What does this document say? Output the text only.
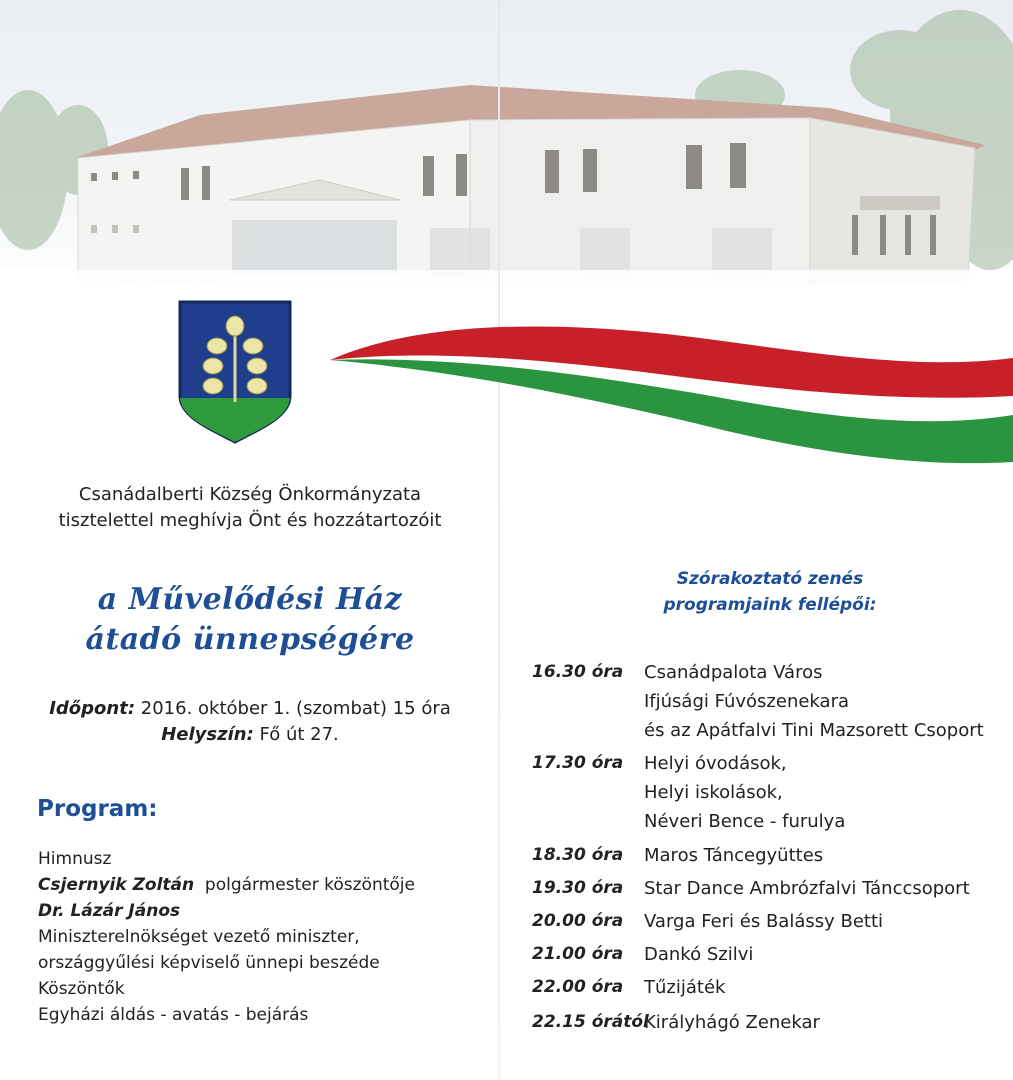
Csanádalberti Község Önkormányzata
tisztelettel meghívja Önt és hozzátartozóit
a Művelődési Ház
átadó ünnepségére
Időpont: 2016. október 1. (szombat) 15 óra
Helyszín: Fő út 27.
Program:
Himnusz
Csjernyik Zoltán polgármester köszöntője
Dr. Lázár János
Miniszterelnökséget vezető miniszter,
országgyűlési képviselő ünnepi beszéde
Köszöntők
Egyházi áldás - avatás - bejárás
Szórakoztató zenés
programjaink fellépői:
16.30 óra Csanádpalota Város
Ifjúsági Fúvószenekara
és az Apátfalvi Tini Mazsorett Csoport
17.30 óra Helyi óvodások,
Helyi iskolások,
Néveri Bence - furulya
18.30 óra Maros Táncegyüttes
19.30 óra Star Dance Ambrózfalvi Tánccsoport
20.00 óra Varga Feri és Balássy Betti
21.00 óra Dankó Szilvi
22.00 óra Tűzijáték
22.15 órától
Királyhágó Zenekar
